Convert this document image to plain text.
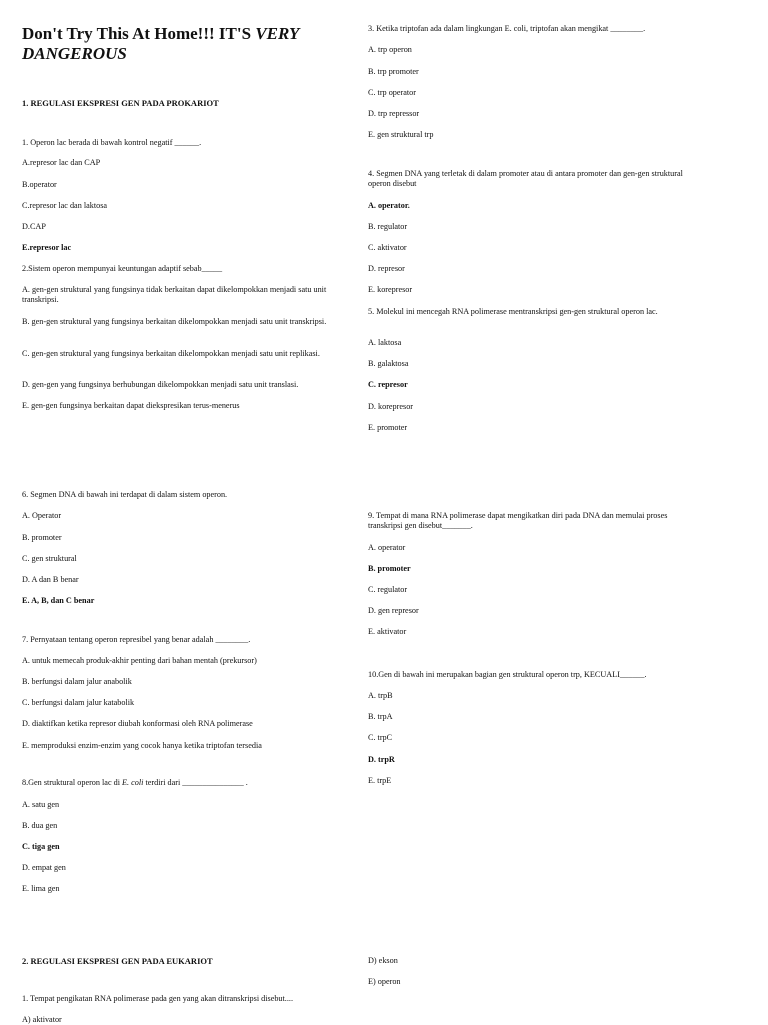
Don't Try This At Home!!! IT'S VERY DANGEROUS

1. REGULASI EKSPRESI GEN PADA PROKARIOT

1. Operon lac berada di bawah kontrol negatif ______.

A.represor lac dan CAP

B.operator

C.represor lac dan laktosa

D.CAP

E.represor lac

2.Sistem operon mempunyai keuntungan adaptif sebab_____

A. gen-gen struktural yang fungsinya tidak berkaitan dapat dikelompokkan menjadi satu unit transkripsi.

B. gen-gen struktural yang fungsinya berkaitan dikelompokkan menjadi satu unit transkripsi.

C. gen-gen struktural yang fungsinya berkaitan dikelompokkan menjadi satu unit replikasi.

D. gen-gen yang fungsinya berhubungan dikelompokkan menjadi satu unit translasi.

E. gen-gen fungsinya berkaitan dapat diekspresikan terus-menerus

3. Ketika triptofan ada dalam lingkungan E. coli, triptofan akan mengikat ________.

A. trp operon

B. trp promoter

C. trp operator

D. trp repressor

E. gen struktural trp

4. Segmen DNA yang terletak di dalam promoter atau di antara promoter dan gen-gen struktural operon disebut

A. operator.

B. regulator

C. aktivator

D. represor

E. korepresor

5. Molekul ini mencegah RNA polimerase mentranskripsi gen-gen struktural operon lac.

A. laktosa

B. galaktosa

C. represor

D. korepresor

E. promoter

6. Segmen DNA di bawah ini terdapat di dalam sistem operon.

A. Operator

B. promoter

C. gen struktural

D. A dan B benar

E. A, B, dan C benar

7. Pernyataan tentang operon represibel yang benar adalah ________.

A. untuk memecah produk-akhir penting dari bahan mentah (prekursor)

B. berfungsi dalam jalur anabolik

C. berfungsi dalam jalur katabolik

D. diaktifkan ketika represor diubah konformasi oleh RNA polimerase

E. memproduksi enzim-enzim yang cocok hanya ketika triptofan tersedia

8.Gen struktural operon lac di E. coli terdiri dari _______________ .

A. satu gen

B. dua gen

C. tiga gen

D. empat gen

E. lima gen

9. Tempat di mana RNA polimerase dapat mengikatkan diri pada DNA dan memulai proses transkripsi gen disebut_______.

A. operator

B. promoter

C. regulator

D. gen represor

E. aktivator

10.Gen di bawah ini merupakan bagian gen struktural operon trp, KECUALI______.

A. trpB

B. trpA

C. trpC

D. trpR

E. trpE

2. REGULASI EKSPRESI GEN PADA EUKARIOT

1. Tempat pengikatan RNA polimerase pada gen yang akan ditranskripsi disebut....

A) aktivator

D) ekson

E) operon
